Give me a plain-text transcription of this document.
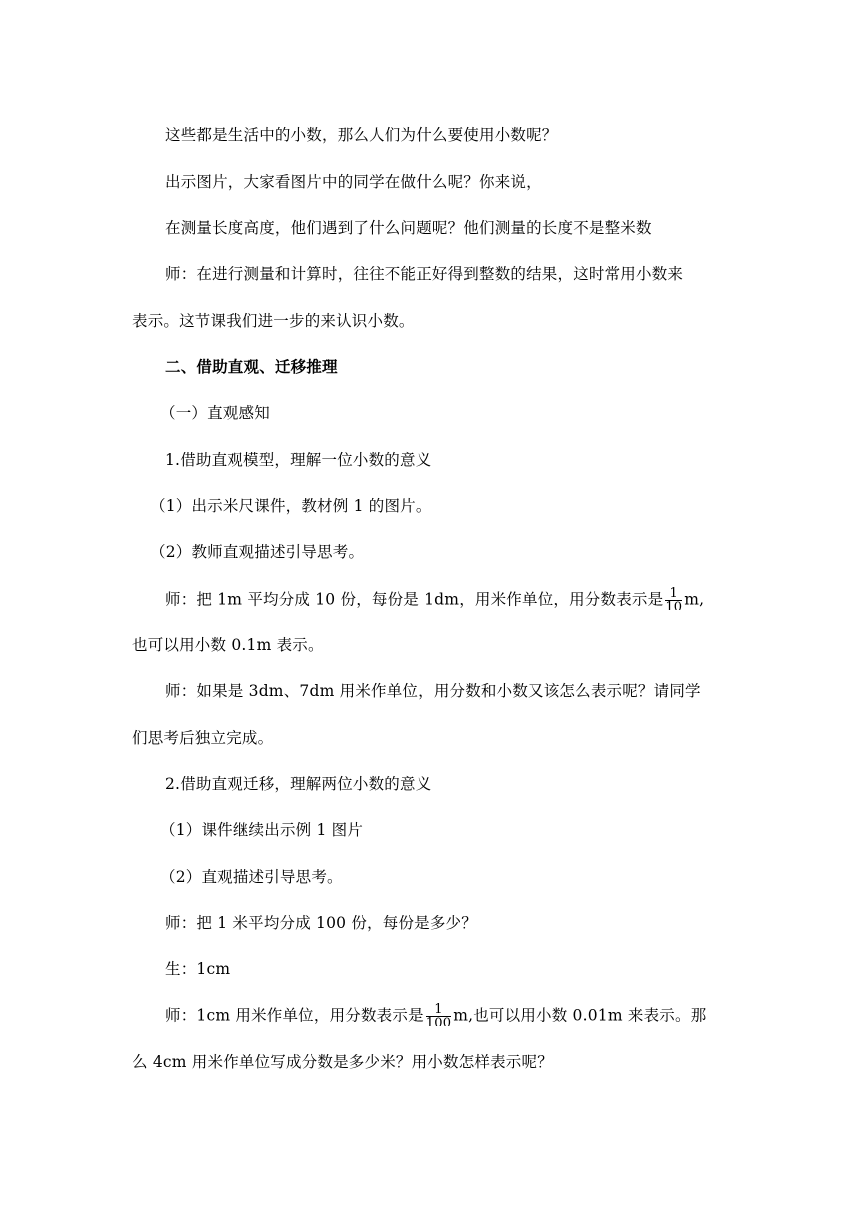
这些都是生活中的小数，那么人们为什么要使用小数呢？
出示图片，大家看图片中的同学在做什么呢？你来说，
在测量长度高度，他们遇到了什么问题呢？他们测量的长度不是整米数
师：在进行测量和计算时，往往不能正好得到整数的结果，这时常用小数来
表示。这节课我们进一步的来认识小数。
二、借助直观、迁移推理
（一）直观感知
1.借助直观模型，理解一位小数的意义
（1）出示米尺课件，教材例 1 的图片。
（2）教师直观描述引导思考。
师：把 1m 平均分成 10 份，每份是 1dm，用米作单位，用分数表示是 $\frac{1}{10} m$,
也可以用小数 0.1m 表示。
师：如果是 3dm、7dm 用米作单位，用分数和小数又该怎么表示呢？请同学
们思考后独立完成。
2.借助直观迁移，理解两位小数的意义
（1）课件继续出示例 1 图片
（2）直观描述引导思考。
师：把 1 米平均分成 100 份，每份是多少？
生：1cm
师：1cm 用米作单位，用分数表示是 $\frac{1}{100} m$,也可以用小数 0.01m 来表示。那
么 4cm 用米作单位写成分数是多少米？用小数怎样表示呢？
